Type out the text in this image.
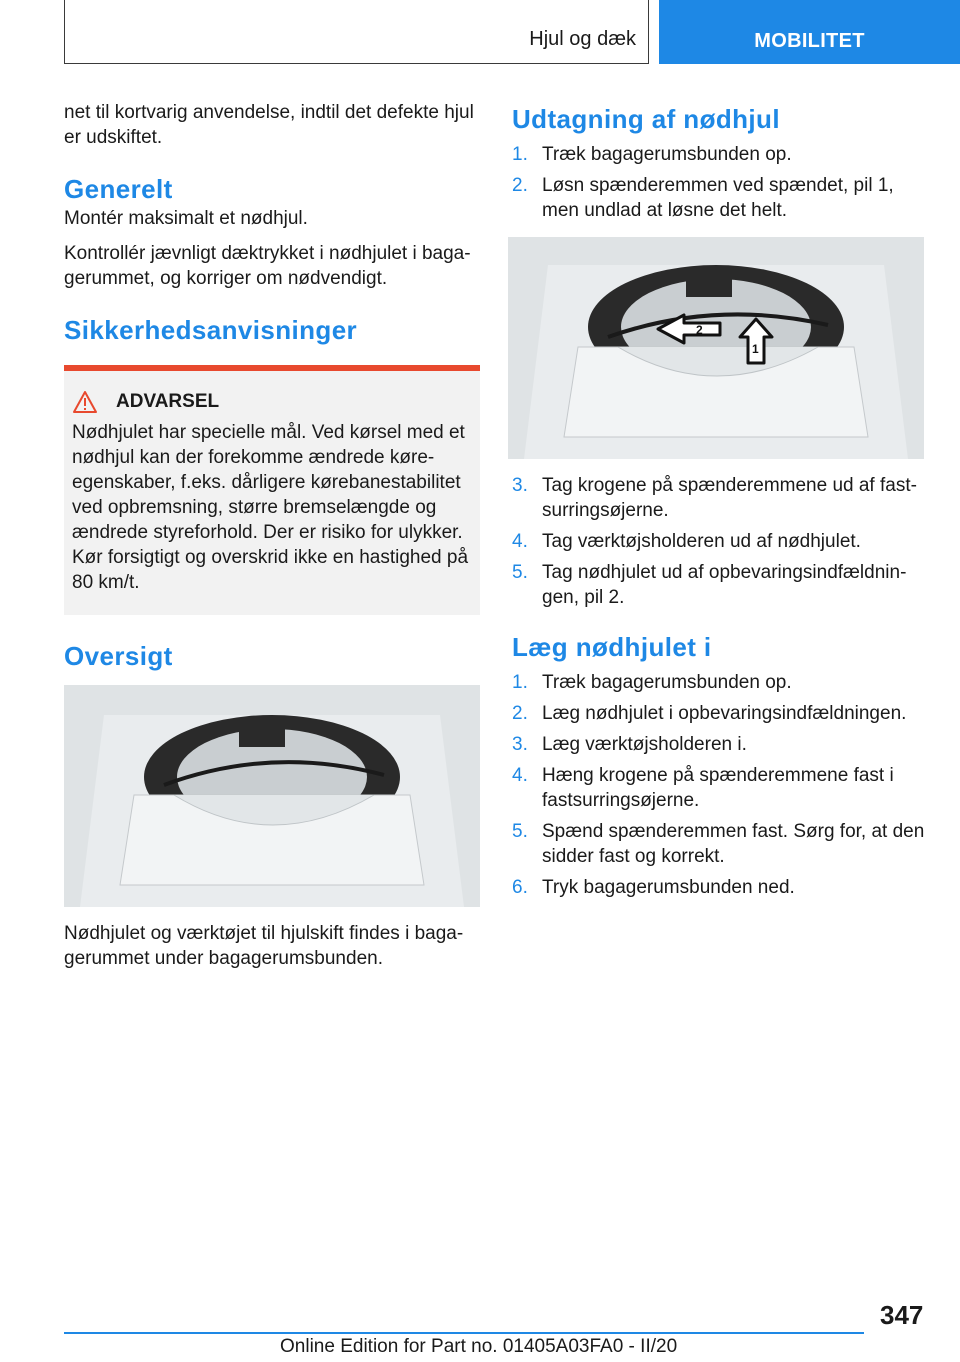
Hjul og dæk	MOBILITET

net til kortvarig anvendelse, indtil det defekte hjul er udskiftet.

Generelt

Montér maksimalt et nødhjul.

Kontrollér jævnligt dæktrykket i nødhjulet i bagagerummet, og korriger om nødvendigt.

Sikkerhedsanvisninger
ADVARSEL
Nødhjulet har specielle mål. Ved kørsel med et nødhjul kan der forekomme ændrede køreegenskaber, f.eks. dårligere kørebanestabilitet ved opbremsning, større bremselængde og ændrede styreforhold. Der er risiko for ulykker. Kør forsigtigt og overskrid ikke en hastighed på 80 km/t.
Oversigt

Nødhjulet og værktøjet til hjulskift findes i bagagerummet under bagagerumsbunden.

Udtagning af nødhjul
1. Træk bagagerumsbunden op.
2. Løsn spænderemmen ved spændet, pil 1, men undlad at løsne det helt.
2
1
3. Tag krogene på spænderemmene ud af fastsurringsøjerne.
4. Tag værktøjsholderen ud af nødhjulet.
5. Tag nødhjulet ud af opbevaringsindfældningen, pil 2.
Læg nødhjulet i
1. Træk bagagerumsbunden op.
2. Læg nødhjulet i opbevaringsindfældningen.
3. Læg værktøjsholderen i.
4. Hæng krogene på spænderemmene fast i fastsurringsøjerne.
5. Spænd spænderemmen fast. Sørg for, at den sidder fast og korrekt.
6. Tryk bagagerumsbunden ned.
347
Online Edition for Part no. 01405A03FA0 - II/20
